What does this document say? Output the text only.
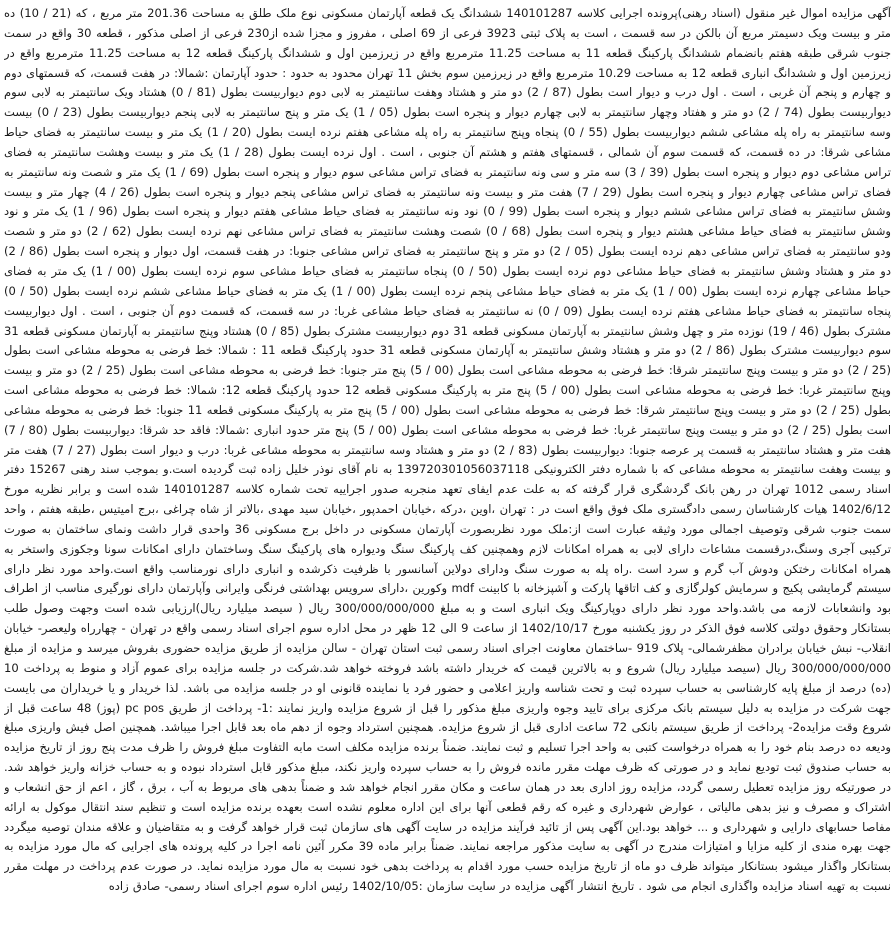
آگهی مزایده اموال غیر منقول (اسناد رهنی)پرونده اجرایی کلاسه 140101287 ششدانگ یک قطعه آپارتمان مسکونی نوع ملک طلق به مساحت 201.36 متر مربع ، که (21 / 10) ده متر و بیست ویک دسیمتر مربع آن بالکن در سه قسمت ، است به پلاک ثبتی 3923 فرعی از 69 اصلی ، مفروز و مجزا شده از230 فرعی از اصلی مذکور ، قطعه 30 واقع در سمت جنوب شرقی طبقه هفتم بانضمام ششدانگ پارکینگ قطعه 11 به مساحت 11.25 مترمربع واقع در زیرزمین اول و ششدانگ پارکینگ قطعه 12 به مساحت 11.25 مترمربع واقع در زیرزمین اول و ششدانگ انباری قطعه 12 به مساحت 10.29 مترمربع واقع در زیرزمین سوم بخش 11 تهران محدود به حدود : حدود آپارتمان :شمالا: در هفت قسمت، که قسمتهای دوم و چهارم و پنجم آن غربی ، است . اول درب و دیوار است بطول (87 / 2) دو متر و هشتاد وهفت سانتیمتر به لابی دوم دیواربیست بطول (81 / 0) هشتاد ویک سانتیمتر به لابی سوم دیواربیست بطول (74 / 2) دو متر و هفتاد وچهار سانتیمتر به لابی چهارم دیوار و پنجره است بطول (05 / 1) یک متر و پنج سانتیمتر به لابی پنجم دیواربیست بطول (23 / 0) بیست وسه سانتیمتر به راه پله مشاعی ششم دیواربیست بطول (55 / 0) پنجاه وپنج سانتیمتر به راه پله مشاعی هفتم نرده ایست بطول (20 / 1) یک متر و بیست سانتیمتر به فضای حیاط مشاعی شرقا: در ده قسمت، که قسمت سوم آن شمالی ، قسمتهای هفتم و هشتم آن جنوبی ، است . اول نرده ایست بطول (28 / 1) یک متر و بیست وهشت سانتیمتر به فضای تراس مشاعی دوم دیوار و پنجره است بطول (39 / 3) سه متر و سی ونه سانتیمتر به فضای تراس مشاعی سوم دیوار و پنجره است بطول (69 / 1) یک متر و شصت ونه سانتیمتر به فضای تراس مشاعی چهارم دیوار و پنجره است بطول (29 / 7) هفت متر و بیست ونه سانتیمتر به فضای تراس مشاعی پنجم دیوار و پنجره است بطول (26 / 4) چهار متر و بیست وشش سانتیمتر به فضای تراس مشاعی ششم دیوار و پنجره است بطول (99 / 0) نود ونه سانتیمتر به فضای حیاط مشاعی هفتم دیوار و پنجره است بطول (96 / 1) یک متر و نود وشش سانتیمتر به فضای حیاط مشاعی هشتم دیوار و پنجره است بطول (68 / 0) شصت وهشت سانتیمتر به فضای تراس مشاعی نهم نرده ایست بطول (62 / 2) دو متر و شصت ودو سانتیمتر به فضای تراس مشاعی دهم نرده ایست بطول (05 / 2) دو متر و پنج سانتیمتر به فضای تراس مشاعی جنوبا: در هفت قسمت، اول دیوار و پنجره است بطول (86 / 2) دو متر و هشتاد وشش سانتیمتر به فضای حیاط مشاعی دوم نرده ایست بطول (50 / 0) پنجاه سانتیمتر به فضای حیاط مشاعی سوم نرده ایست بطول (00 / 1) یک متر به فضای حیاط مشاعی چهارم نرده ایست بطول (00 / 1) یک متر به فضای حیاط مشاعی پنجم نرده ایست بطول (00 / 1) یک متر به فضای حیاط مشاعی ششم نرده ایست بطول (50 / 0) پنجاه سانتیمتر به فضای حیاط مشاعی هفتم نرده ایست بطول (09 / 0) نه سانتیمتر به فضای حیاط مشاعی غربا: در سه قسمت، که قسمت دوم آن جنوبی ، است . اول دیواربیست مشترک بطول (46 / 19) نوزده متر و چهل وشش سانتیمتر به آپارتمان مسکونی قطعه 31 دوم دیواربیست مشترک بطول (85 / 0) هشتاد وپنج سانتیمتر به آپارتمان مسکونی قطعه 31 سوم دیواربیست مشترک بطول (86 / 2) دو متر و هشتاد وشش سانتیمتر به آپارتمان مسکونی قطعه 31 حدود پارکینگ قطعه 11 : شمالا: خط فرضی به محوطه مشاعی است بطول (25 / 2) دو متر و بیست وپنج سانتیمتر شرقا: خط فرضی به محوطه مشاعی است بطول (00 / 5) پنج متر جنوبا: خط فرضی به محوطه مشاعی است بطول (25 / 2) دو متر و بیست وپنج سانتیمتر غربا: خط فرضی به محوطه مشاعی است بطول (00 / 5) پنج متر به پارکینگ مسکونی قطعه 12 حدود پارکینگ قطعه 12: شمالا: خط فرضی به محوطه مشاعی است بطول (25 / 2) دو متر و بیست وپنج سانتیمتر شرقا: خط فرضی به محوطه مشاعی است بطول (00 / 5) پنج متر به پارکینگ مسکونی قطعه 11 جنوبا: خط فرضی به محوطه مشاعی است بطول (25 / 2) دو متر و بیست وپنج سانتیمتر غربا: خط فرضی به محوطه مشاعی است بطول (00 / 5) پنج متر حدود انباری :شمالا: فاقد حد شرقا: دیواربیست بطول (80 / 7) هفت متر و هشتاد سانتیمتر به قسمت پر عرصه جنوبا: دیواربیست بطول (83 / 2) دو متر و هشتاد وسه سانتیمتر به محوطه مشاعی غربا: درب و دیوار است بطول (27 / 7) هفت متر و بیست وهفت سانتیمتر به محوطه مشاعی که با شماره دفتر الکترونیکی 139720301056037118 به نام آقای نوذر خلیل زاده ثبت گردیده است.و بموجب سند رهنی 15267 دفتر اسناد رسمی 1012 تهران در رهن بانک گردشگری قرار گرفته که به علت عدم ایفای تعهد منجربه صدور اجراییه تحت شماره کلاسه 140101287 شده است و برابر نظریه مورخ 1402/6/12 هیات کارشناسان رسمی دادگستری ملک فوق واقع است در : تهران ،اوین ،درکه ،خیابان احمدپور ،خیابان سید مهدی ،بالاتر از شاه چراغی ،برج امیتیس ،طبقه هفتم ، واحد سمت جنوب شرقی وتوصیف اجمالی مورد وثیقه عبارت است از:ملک مورد نظربصورت آپارتمان مسکونی در داخل برج مسکونی 36 واحدی قرار داشت ونمای ساختمان به صورت ترکیبی آجری وسنگ،درقسمت مشاعات دارای لابی به همراه امکانات لازم وهمچنین کف پارکینگ سنگ ودیواره های پارکینگ سنگ وساختمان دارای امکانات سونا وجکوزی واستخر به همراه امکانات رختکن ودوش آب گرم و سرد است .راه پله به صورت سنگ ودارای دولاین آسانسور با ظرفیت ذکرشده و انباری دارای نورمناسب واقع است.واحد مورد نظر دارای سیستم گرمایشی پکیج و سرمایش کولرگازی و کف اتاقها پارکت و آشپزخانه با کابینت mdf وکورین ،دارای سرویس بهداشتی فرنگی وایرانی وآپارتمان دارای نورگیری مناسب از اطراف بود وانشعابات لازمه می باشد.واحد مورد نظر دارای دوپارکینگ ویک انباری است و به مبلغ 300/000/000/000 ریال ( سیصد میلیارد ریال)ارزیابی شده است وجهت وصول طلب بستانکار وحقوق دولتی کلاسه فوق الذکر در روز یکشنبه مورخ 1402/10/17 از ساعت 9 الی 12 ظهر در محل اداره سوم اجرای اسناد رسمی واقع در تهران - چهارراه ولیعصر- خیابان انقلاب- نبش خیابان برادران مظفرشمالی- پلاک 919 -ساختمان معاونت اجرای اسناد رسمی ثبت استان تهران - سالن مزایده از طریق مزایده حضوری بفروش میرسد و مزایده از مبلغ 300/000/000/000 ریال (سیصد میلیارد ریال) شروع و به بالاترین قیمت که خریدار داشته باشد فروخته خواهد شد.شرکت در جلسه مزایده برای عموم آزاد و منوط به پرداخت 10 (ده) درصد از مبلغ پایه کارشناسی به حساب سپرده ثبت و تحت شناسه واریز اعلامی و حضور فرد یا نماینده قانونی او در جلسه مزایده می باشد. لذا خریدار و یا خریداران می بایست جهت شرکت در مزایده به دلیل سیستم بانک مرکزی برای تایید وجوه واریزی مبلغ مذکور را قبل از شروع مزایده واریز نمایند :1- پرداخت از طریق pc pos (پوز) 48 ساعت قبل از شروع وقت مزایده2- پرداخت از طریق سیستم بانکی 72 ساعت اداری قبل از شروع مزایده. همچنین استرداد وجوه از دهم ماه بعد قابل اجرا میباشد. همچنین اصل فیش واریزی مبلغ ودیعه ده درصد بنام خود را به همراه درخواست کتبی به واحد اجرا تسلیم و ثبت نمایند. ضمناً برنده مزایده مکلف است مابه التفاوت مبلغ فروش را ظرف مدت پنج روز از تاریخ مزایده به حساب صندوق ثبت تودیع نماید و در صورتی که ظرف مهلت مقرر مانده فروش را به حساب سپرده واریز نکند، مبلغ مذکور قابل استرداد نبوده و به حساب خزانه واریز خواهد شد. در صورتیکه روز مزایده تعطیل رسمی گردد، مزایده روز اداری بعد در همان ساعت و مکان مقرر انجام خواهد شد و ضمناً بدهی های مربوط به آب ، برق ، گاز ، اعم از حق انشعاب و اشتراک و مصرف و نیز بدهی مالیاتی ، عوارض شهرداری و غیره که رقم قطعی آنها برای این اداره معلوم نشده است بعهده برنده مزایده است و تنظیم سند انتقال موکول به ارائه مفاصا حسابهای دارایی و شهرداری و ... خواهد بود.این آگهی پس از تائید فرآیند مزایده در سایت آگهی های سازمان ثبت قرار خواهد گرفت و به متقاضیان و علاقه مندان توصیه میگردد جهت بهره مندی از کلیه مزایا و امتیازات مندرج در آگهی به سایت مذکور مراجعه نمایند. ضمناً برابر ماده 39 مکرر آئین نامه اجرا در کلیه پرونده های اجرایی که مال مورد مزایده به بستانکار واگذار میشود بستانکار میتواند ظرف دو ماه از تاریخ مزایده حسب مورد اقدام به پرداخت بدهی خود نسبت به مال مورد مزایده نماید. در صورت عدم پرداخت در مهلت مقرر نسبت به تهیه اسناد مزایده واگذاری انجام می شود . تاریخ انتشار آگهی مزایده در سایت سازمان :1402/10/05 رئیس اداره سوم اجرای اسناد رسمی- صادق زاده
